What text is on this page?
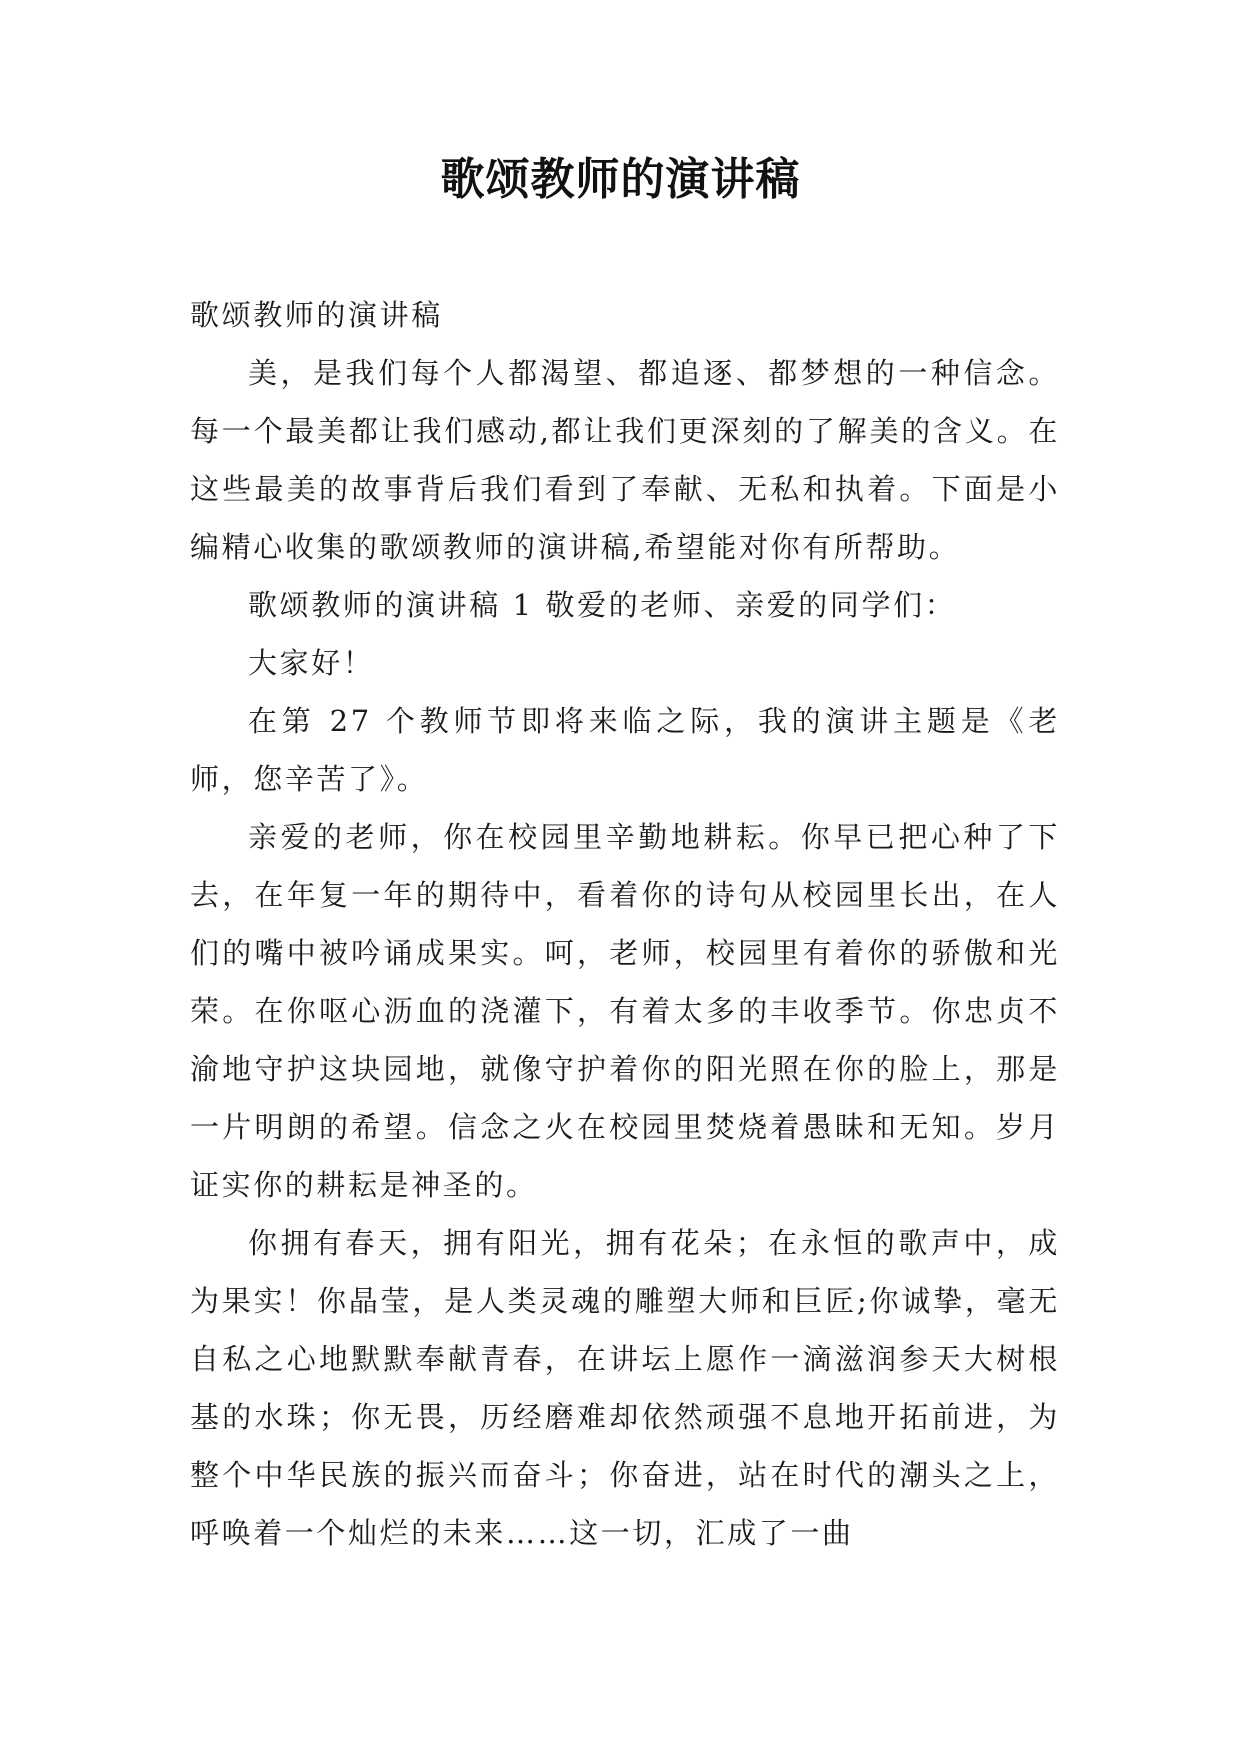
歌颂教师的演讲稿

歌颂教师的演讲稿

美，是我们每个人都渴望、都追逐、都梦想的一种信念。每一个最美都让我们感动,都让我们更深刻的了解美的含义。在这些最美的故事背后我们看到了奉献、无私和执着。下面是小编精心收集的歌颂教师的演讲稿,希望能对你有所帮助。

歌颂教师的演讲稿 1 敬爱的老师、亲爱的同学们：

大家好！

在第 27 个教师节即将来临之际，我的演讲主题是《老师，您辛苦了》。

亲爱的老师，你在校园里辛勤地耕耘。你早已把心种了下去，在年复一年的期待中，看着你的诗句从校园里长出，在人们的嘴中被吟诵成果实。呵，老师，校园里有着你的骄傲和光荣。在你呕心沥血的浇灌下，有着太多的丰收季节。你忠贞不渝地守护这块园地，就像守护着你的阳光照在你的脸上，那是一片明朗的希望。信念之火在校园里焚烧着愚昧和无知。岁月证实你的耕耘是神圣的。

你拥有春天，拥有阳光，拥有花朵；在永恒的歌声中，成为果实！你晶莹，是人类灵魂的雕塑大师和巨匠;你诚挚，毫无自私之心地默默奉献青春，在讲坛上愿作一滴滋润参天大树根基的水珠；你无畏，历经磨难却依然顽强不息地开拓前进，为整个中华民族的振兴而奋斗；你奋进，站在时代的潮头之上，呼唤着一个灿烂的未来……这一切，汇成了一曲
